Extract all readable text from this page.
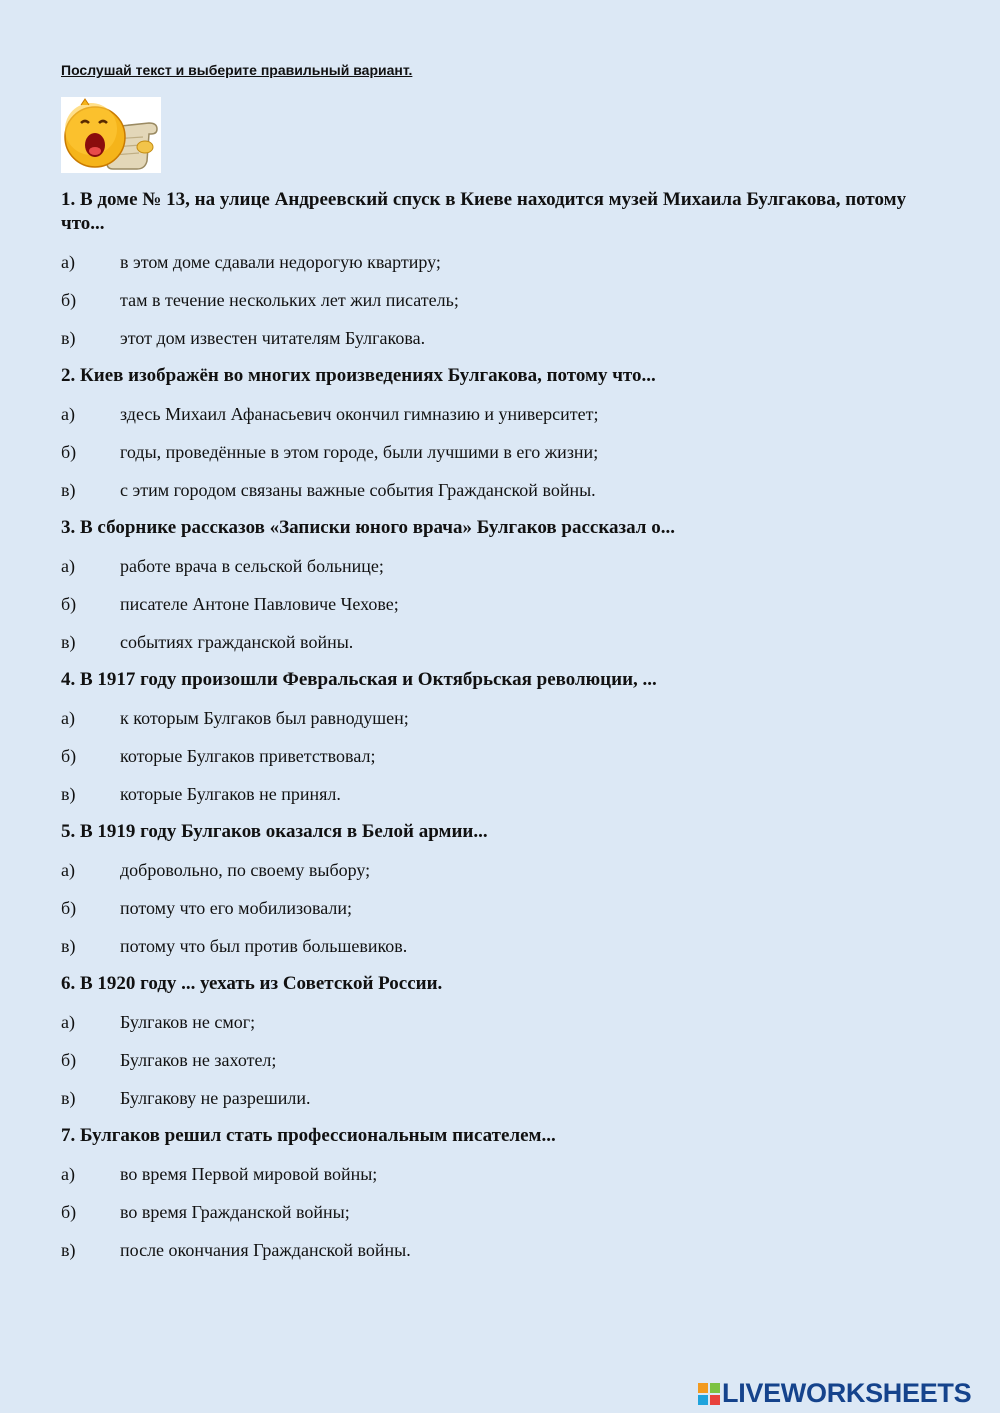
Послушай текст и выберите правильный вариант.

1. В доме № 13, на улице Андреевский спуск в Киеве находится музей Михаила Булгакова, потому что...

а)	в этом доме сдавали недорогую квартиру;
б)	там в течение нескольких лет жил писатель;
в)	этот дом известен читателям Булгакова.

2. Киев изображён во многих произведениях Булгакова, потому что...

а)	здесь Михаил Афанасьевич окончил гимназию и университет;
б)	годы, проведённые в этом городе, были лучшими в его жизни;
в)	с этим городом связаны важные события Гражданской войны.

3. В сборнике рассказов «Записки юного врача» Булгаков рассказал о...

а)	работе врача в сельской больнице;
б)	писателе Антоне Павловиче Чехове;
в)	событиях гражданской войны.

4. В 1917 году произошли Февральская и Октябрьская революции, ...

а)	к которым Булгаков был равнодушен;
б)	которые Булгаков приветствовал;
в)	которые Булгаков не принял.

5. В 1919 году Булгаков оказался в Белой армии...

а)	добровольно, по своему выбору;
б)	потому что его мобилизовали;
в)	потому что был против большевиков.

6. В 1920 году ... уехать из Советской России.

а)	Булгаков не смог;
б)	Булгаков не захотел;
в)	Булгакову не разрешили.

7. Булгаков решил стать профессиональным писателем...

а)	во время Первой мировой войны;
б)	во время Гражданской войны;
в)	после окончания Гражданской войны.
LIVEWORKSHEETS
